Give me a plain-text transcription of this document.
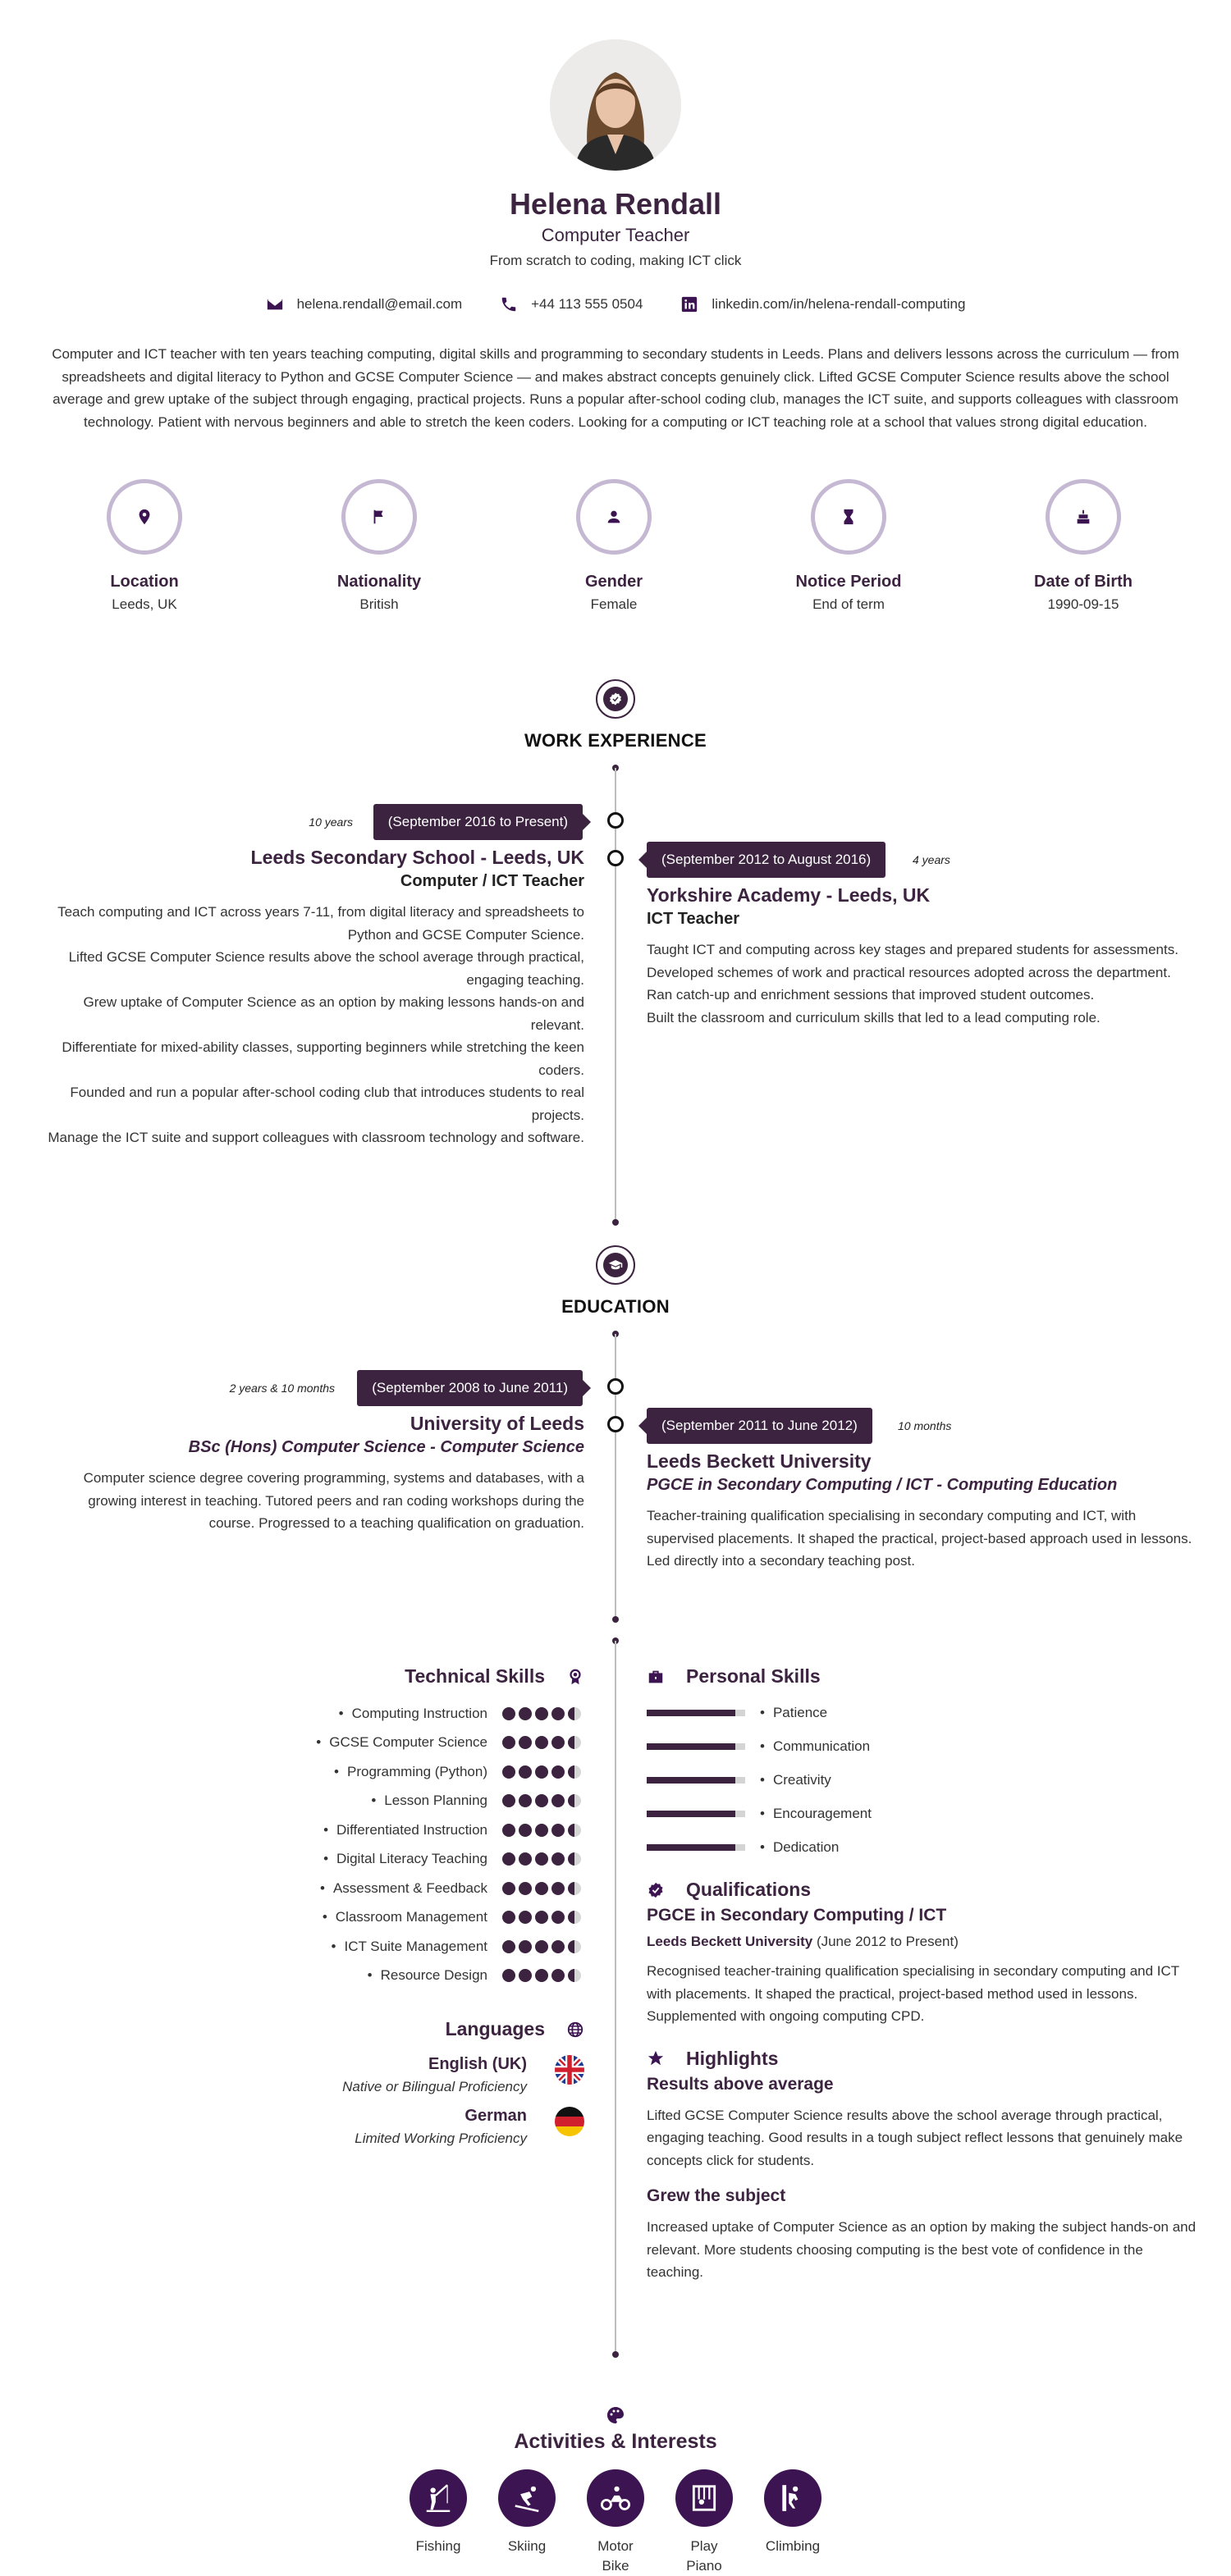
Helena Rendall
Computer Teacher
From scratch to coding, making ICT click
helena.rendall@email.com	+44 113 555 0504	linkedin.com/in/helena-rendall-computing
Computer and ICT teacher with ten years teaching computing, digital skills and programming to secondary students in Leeds. Plans and delivers lessons across the curriculum — from spreadsheets and digital literacy to Python and GCSE Computer Science — and makes abstract concepts genuinely click. Lifted GCSE Computer Science results above the school average and grew uptake of the subject through engaging, practical projects. Runs a popular after-school coding club, manages the ICT suite, and supports colleagues with classroom technology. Patient with nervous beginners and able to stretch the keen coders. Looking for a computing or ICT teaching role at a school that values strong digital education.
Location
Leeds, UK
Nationality
British
Gender
Female
Notice Period
End of term
Date of Birth
1990-09-15
WORK EXPERIENCE
10 years	(September 2016 to Present)
Leeds Secondary School - Leeds, UK
Computer / ICT Teacher
Teach computing and ICT across years 7-11, from digital literacy and spreadsheets to Python and GCSE Computer Science.
Lifted GCSE Computer Science results above the school average through practical, engaging teaching.
Grew uptake of Computer Science as an option by making lessons hands-on and relevant.
Differentiate for mixed-ability classes, supporting beginners while stretching the keen coders.
Founded and run a popular after-school coding club that introduces students to real projects.
Manage the ICT suite and support colleagues with classroom technology and software.
(September 2012 to August 2016)	4 years
Yorkshire Academy - Leeds, UK
ICT Teacher
Taught ICT and computing across key stages and prepared students for assessments.
Developed schemes of work and practical resources adopted across the department.
Ran catch-up and enrichment sessions that improved student outcomes.
Built the classroom and curriculum skills that led to a lead computing role.
EDUCATION
2 years & 10 months	(September 2008 to June 2011)
University of Leeds
BSc (Hons) Computer Science - Computer Science
Computer science degree covering programming, systems and databases, with a growing interest in teaching. Tutored peers and ran coding workshops during the course. Progressed to a teaching qualification on graduation.
(September 2011 to June 2012)	10 months
Leeds Beckett University
PGCE in Secondary Computing / ICT - Computing Education
Teacher-training qualification specialising in secondary computing and ICT, with supervised placements. It shaped the practical, project-based approach used in lessons. Led directly into a secondary teaching post.
Technical Skills
• Computing Instruction
• GCSE Computer Science
• Programming (Python)
• Lesson Planning
• Differentiated Instruction
• Digital Literacy Teaching
• Assessment & Feedback
• Classroom Management
• ICT Suite Management
• Resource Design
Languages
English (UK)
Native or Bilingual Proficiency
German
Limited Working Proficiency
Personal Skills
• Patience
• Communication
• Creativity
• Encouragement
• Dedication
Qualifications
PGCE in Secondary Computing / ICT
Leeds Beckett University (June 2012 to Present)
Recognised teacher-training qualification specialising in secondary computing and ICT with placements. It shaped the practical, project-based method used in lessons. Supplemented with ongoing computing CPD.
Highlights
Results above average
Lifted GCSE Computer Science results above the school average through practical, engaging teaching. Good results in a tough subject reflect lessons that genuinely make concepts click for students.
Grew the subject
Increased uptake of Computer Science as an option by making the subject hands-on and relevant. More students choosing computing is the best vote of confidence in the teaching.
Activities & Interests
Fishing	Skiing	Motor Bike
Play Piano
Climbing
